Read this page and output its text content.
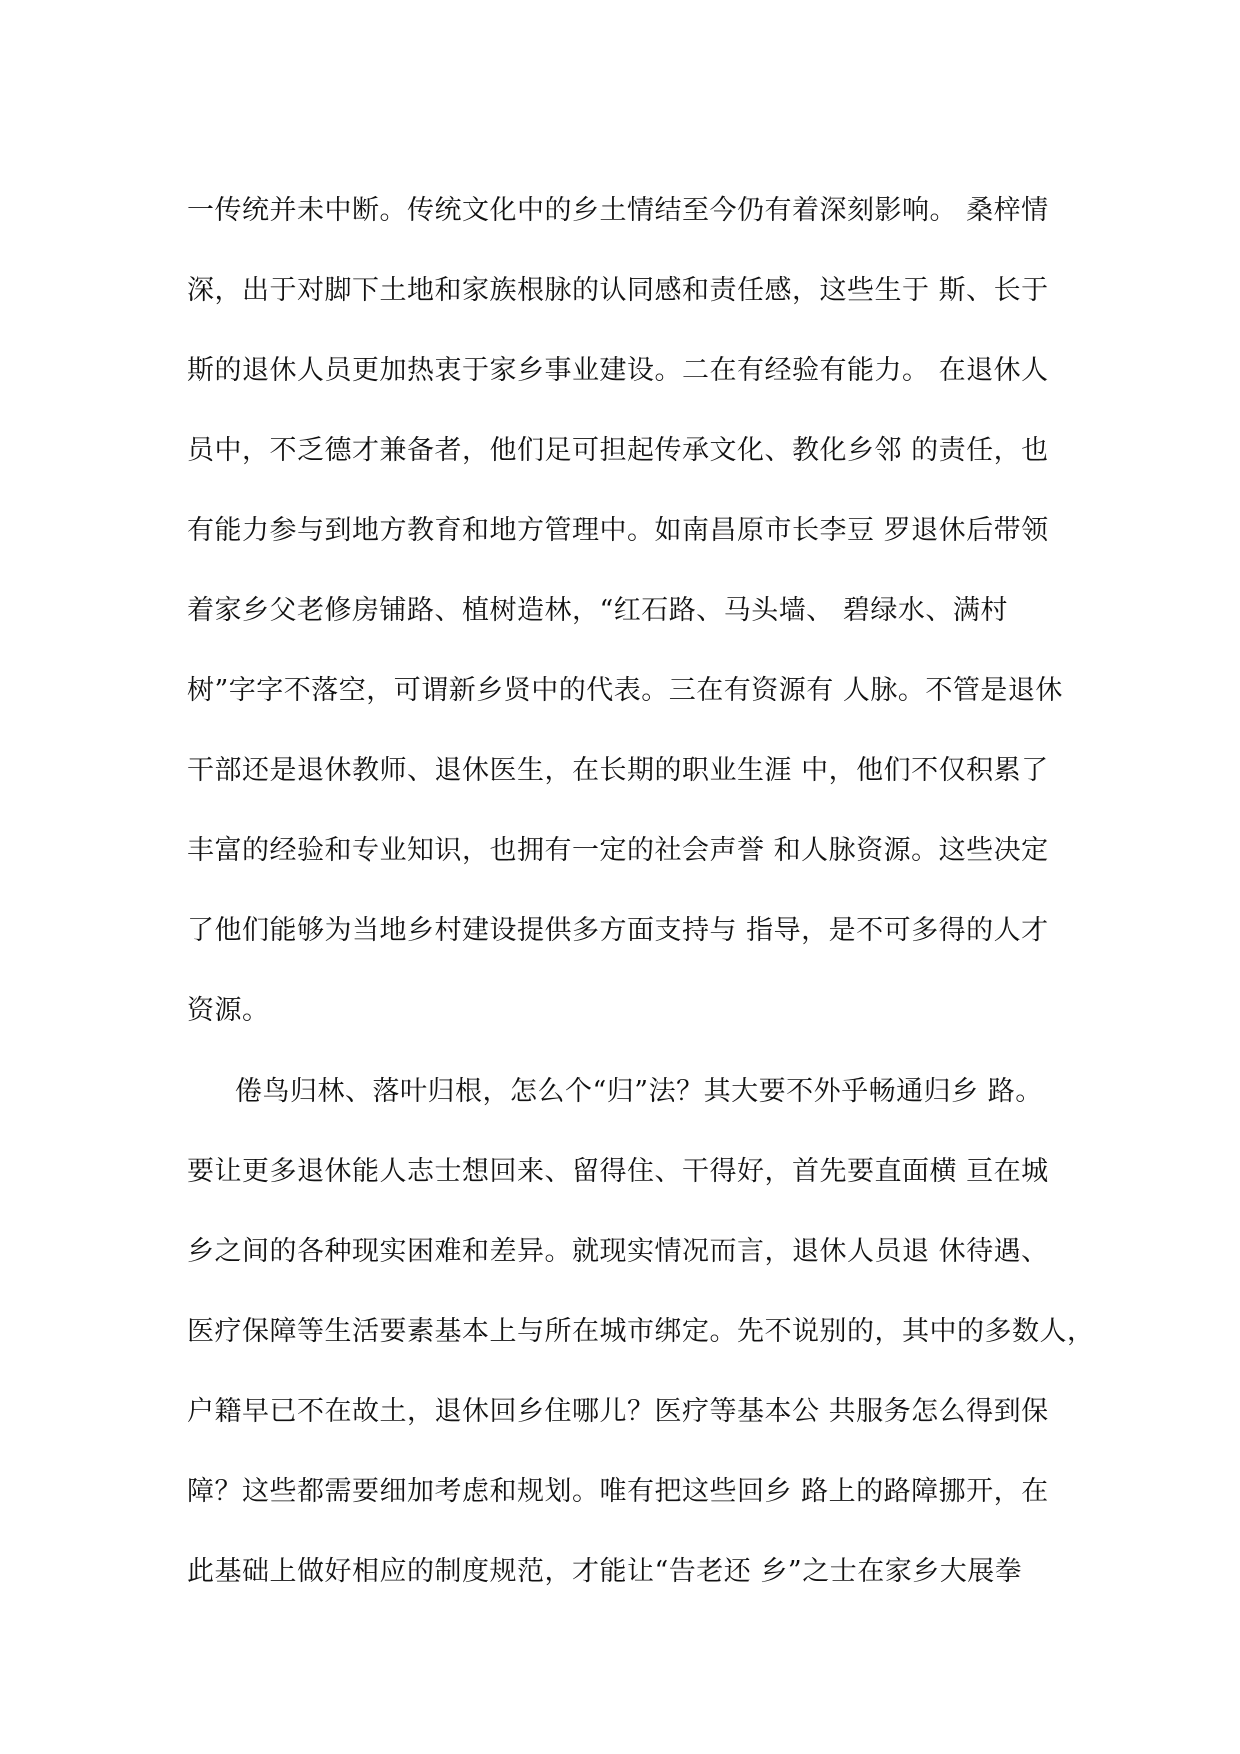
一传统并未中断。传统文化中的乡土情结至今仍有着深刻影响。 桑梓情
深，出于对脚下土地和家族根脉的认同感和责任感，这些生于 斯、长于
斯的退休人员更加热衷于家乡事业建设。二在有经验有能力。 在退休人
员中，不乏德才兼备者，他们足可担起传承文化、教化乡邻 的责任，也
有能力参与到地方教育和地方管理中。如南昌原市长李豆 罗退休后带领
着家乡父老修房铺路、植树造林，“红石路、马头墙、 碧绿水、满村
树”字字不落空，可谓新乡贤中的代表。三在有资源有 人脉。不管是退休
干部还是退休教师、退休医生，在长期的职业生涯 中，他们不仅积累了
丰富的经验和专业知识，也拥有一定的社会声誉 和人脉资源。这些决定
了他们能够为当地乡村建设提供多方面支持与 指导，是不可多得的人才
资源。
倦鸟归林、落叶归根，怎么个“归”法？其大要不外乎畅通归乡 路。
要让更多退休能人志士想回来、留得住、干得好，首先要直面横 亘在城
乡之间的各种现实困难和差异。就现实情况而言，退休人员退 休待遇、
医疗保障等生活要素基本上与所在城市绑定。先不说别的，其中的多数人，
户籍早已不在故土，退休回乡住哪儿？医疗等基本公 共服务怎么得到保
障？这些都需要细加考虑和规划。唯有把这些回乡 路上的路障挪开，在
此基础上做好相应的制度规范，才能让“告老还 乡”之士在家乡大展拳
